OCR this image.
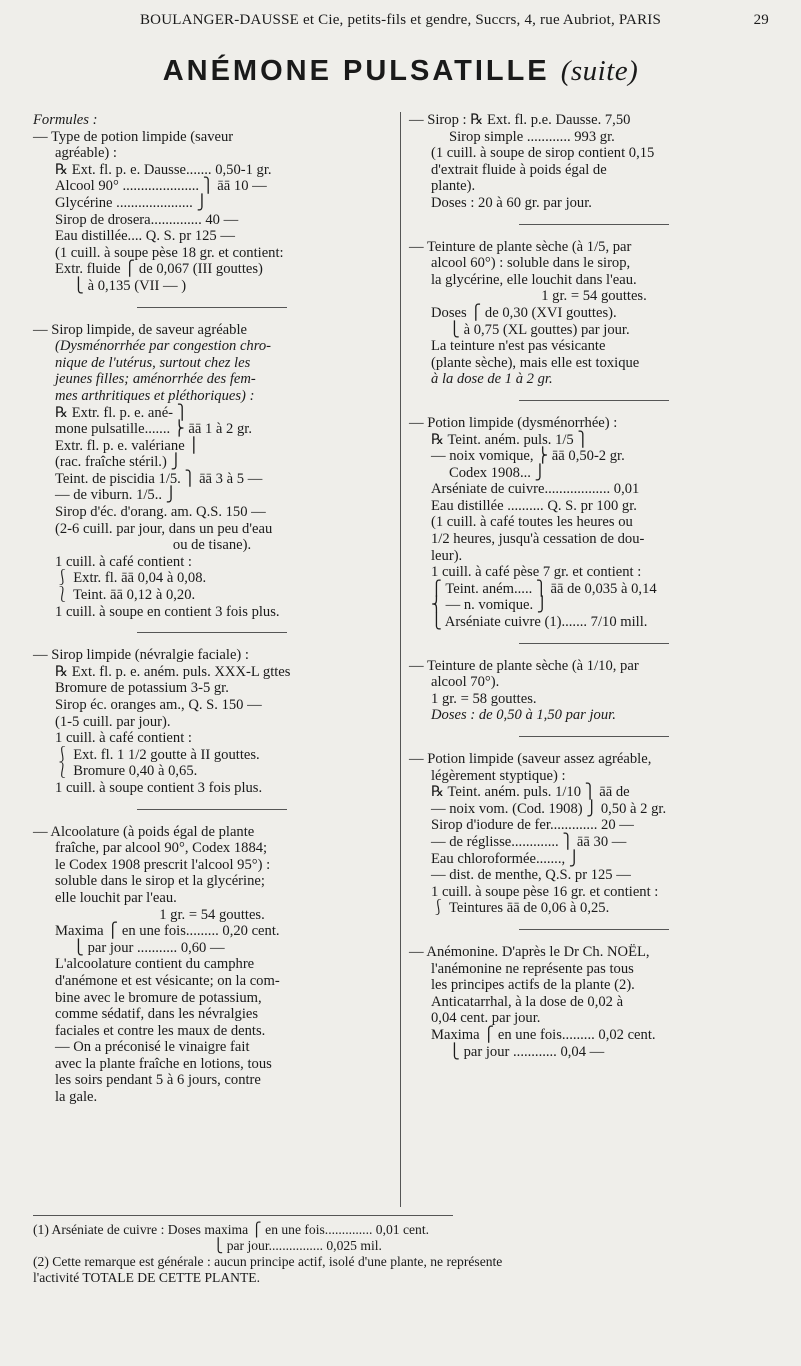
BOULANGER-DAUSSE et Cie, petits-fils et gendre, Succrs, 4, rue Aubriot, PARIS	29
ANÉMONE PULSATILLE (suite)
Formules :
— Type de potion limpide (saveur
agréable) :
℞ Ext. fl. p. e. Dausse....... 0,50-1 gr.
Alcool 90° ..................... ⎫ āā 10 —
Glycérine ..................... ⎭
Sirop de drosera.............. 40 —
Eau distillée.... Q. S. pr 125 —
(1 cuill. à soupe pèse 18 gr. et contient:
Extr. fluide ⎧ de 0,067 (III gouttes)
⎩ à 0,135 (VII — )
— Sirop limpide, de saveur agréable
(Dysménorrhée par congestion chro-
nique de l'utérus, surtout chez les
jeunes filles; aménorrhée des fem-
mes arthritiques et pléthoriques) :
℞ Extr. fl. p. e. ané- ⎫
mone pulsatille....... ⎬ āā 1 à 2 gr.
Extr. fl. p. e. valériane ⎪
(rac. fraîche stéril.) ⎭
Teint. de piscidia 1/5. ⎫ āā 3 à 5 —
— de viburn. 1/5.. ⎭
Sirop d'éc. d'orang. am. Q.S. 150 —
(2-6 cuill. par jour, dans un peu d'eau
ou de tisane).
1 cuill. à café contient :
⎰ Extr. fl. āā 0,04 à 0,08.
⎱ Teint. āā 0,12 à 0,20.
1 cuill. à soupe en contient 3 fois plus.
— Sirop limpide (névralgie faciale) :
℞ Ext. fl. p. e. aném. puls. XXX-L gttes
Bromure de potassium 3-5 gr.
Sirop éc. oranges am., Q. S. 150 —
(1-5 cuill. par jour).
1 cuill. à café contient :
⎰ Ext. fl. 1 1/2 goutte à II gouttes.
⎱ Bromure 0,40 à 0,65.
1 cuill. à soupe contient 3 fois plus.
— Alcoolature (à poids égal de plante
fraîche, par alcool 90°, Codex 1884;
le Codex 1908 prescrit l'alcool 95°) :
soluble dans le sirop et la glycérine;
elle louchit par l'eau.
1 gr. = 54 gouttes.
Maxima ⎧ en une fois......... 0,20 cent.
⎩ par jour ........... 0,60 —
L'alcoolature contient du camphre
d'anémone et est vésicante; on la com-
bine avec le bromure de potassium,
comme sédatif, dans les névralgies
faciales et contre les maux de dents.
— On a préconisé le vinaigre fait
avec la plante fraîche en lotions, tous
les soirs pendant 5 à 6 jours, contre
la gale.
— Sirop : ℞ Ext. fl. p.e. Dausse. 7,50
Sirop simple ............ 993 gr.
(1 cuill. à soupe de sirop contient 0,15
d'extrait fluide à poids égal de
plante).
Doses : 20 à 60 gr. par jour.
— Teinture de plante sèche (à 1/5, par
alcool 60°) : soluble dans le sirop,
la glycérine, elle louchit dans l'eau.
1 gr. = 54 gouttes.
Doses ⎧ de 0,30 (XVI gouttes).
⎩ à 0,75 (XL gouttes) par jour.
La teinture n'est pas vésicante
(plante sèche), mais elle est toxique
à la dose de 1 à 2 gr.
— Potion limpide (dysménorrhée) :
℞ Teint. aném. puls. 1/5 ⎫
— noix vomique, ⎬ āā 0,50-2 gr.
Codex 1908... ⎭
Arséniate de cuivre.................. 0,01
Eau distillée .......... Q. S. pr 100 gr.
(1 cuill. à café toutes les heures ou
1/2 heures, jusqu'à cessation de dou-
leur).
1 cuill. à café pèse 7 gr. et contient :
⎧ Teint. aném..... ⎫ āā de 0,035 à 0,14
⎨ — n. vomique. ⎭
⎩ Arséniate cuivre (1)....... 7/10 mill.
— Teinture de plante sèche (à 1/10, par
alcool 70°).
1 gr. = 58 gouttes.
Doses : de 0,50 à 1,50 par jour.
— Potion limpide (saveur assez agréable,
légèrement styptique) :
℞ Teint. aném. puls. 1/10 ⎫ āā de
— noix vom. (Cod. 1908) ⎭ 0,50 à 2 gr.
Sirop d'iodure de fer............. 20 —
— de réglisse............. ⎫ āā 30 —
Eau chloroformée......., ⎭
— dist. de menthe, Q.S. pr 125 —
1 cuill. à soupe pèse 16 gr. et contient :
⎰ Teintures āā de 0,06 à 0,25.
— Anémonine. D'après le Dr Ch. NOËL,
l'anémonine ne représente pas tous
les principes actifs de la plante (2).
Anticatarrhal, à la dose de 0,02 à
0,04 cent. par jour.
Maxima ⎧ en une fois......... 0,02 cent.
⎩ par jour ............ 0,04 —
(1) Arséniate de cuivre : Doses maxima ⎧ en une fois.............. 0,01 cent.
⎩ par jour................ 0,025 mil.
(2) Cette remarque est générale : aucun principe actif, isolé d'une plante, ne représente
l'activité TOTALE DE CETTE PLANTE.
